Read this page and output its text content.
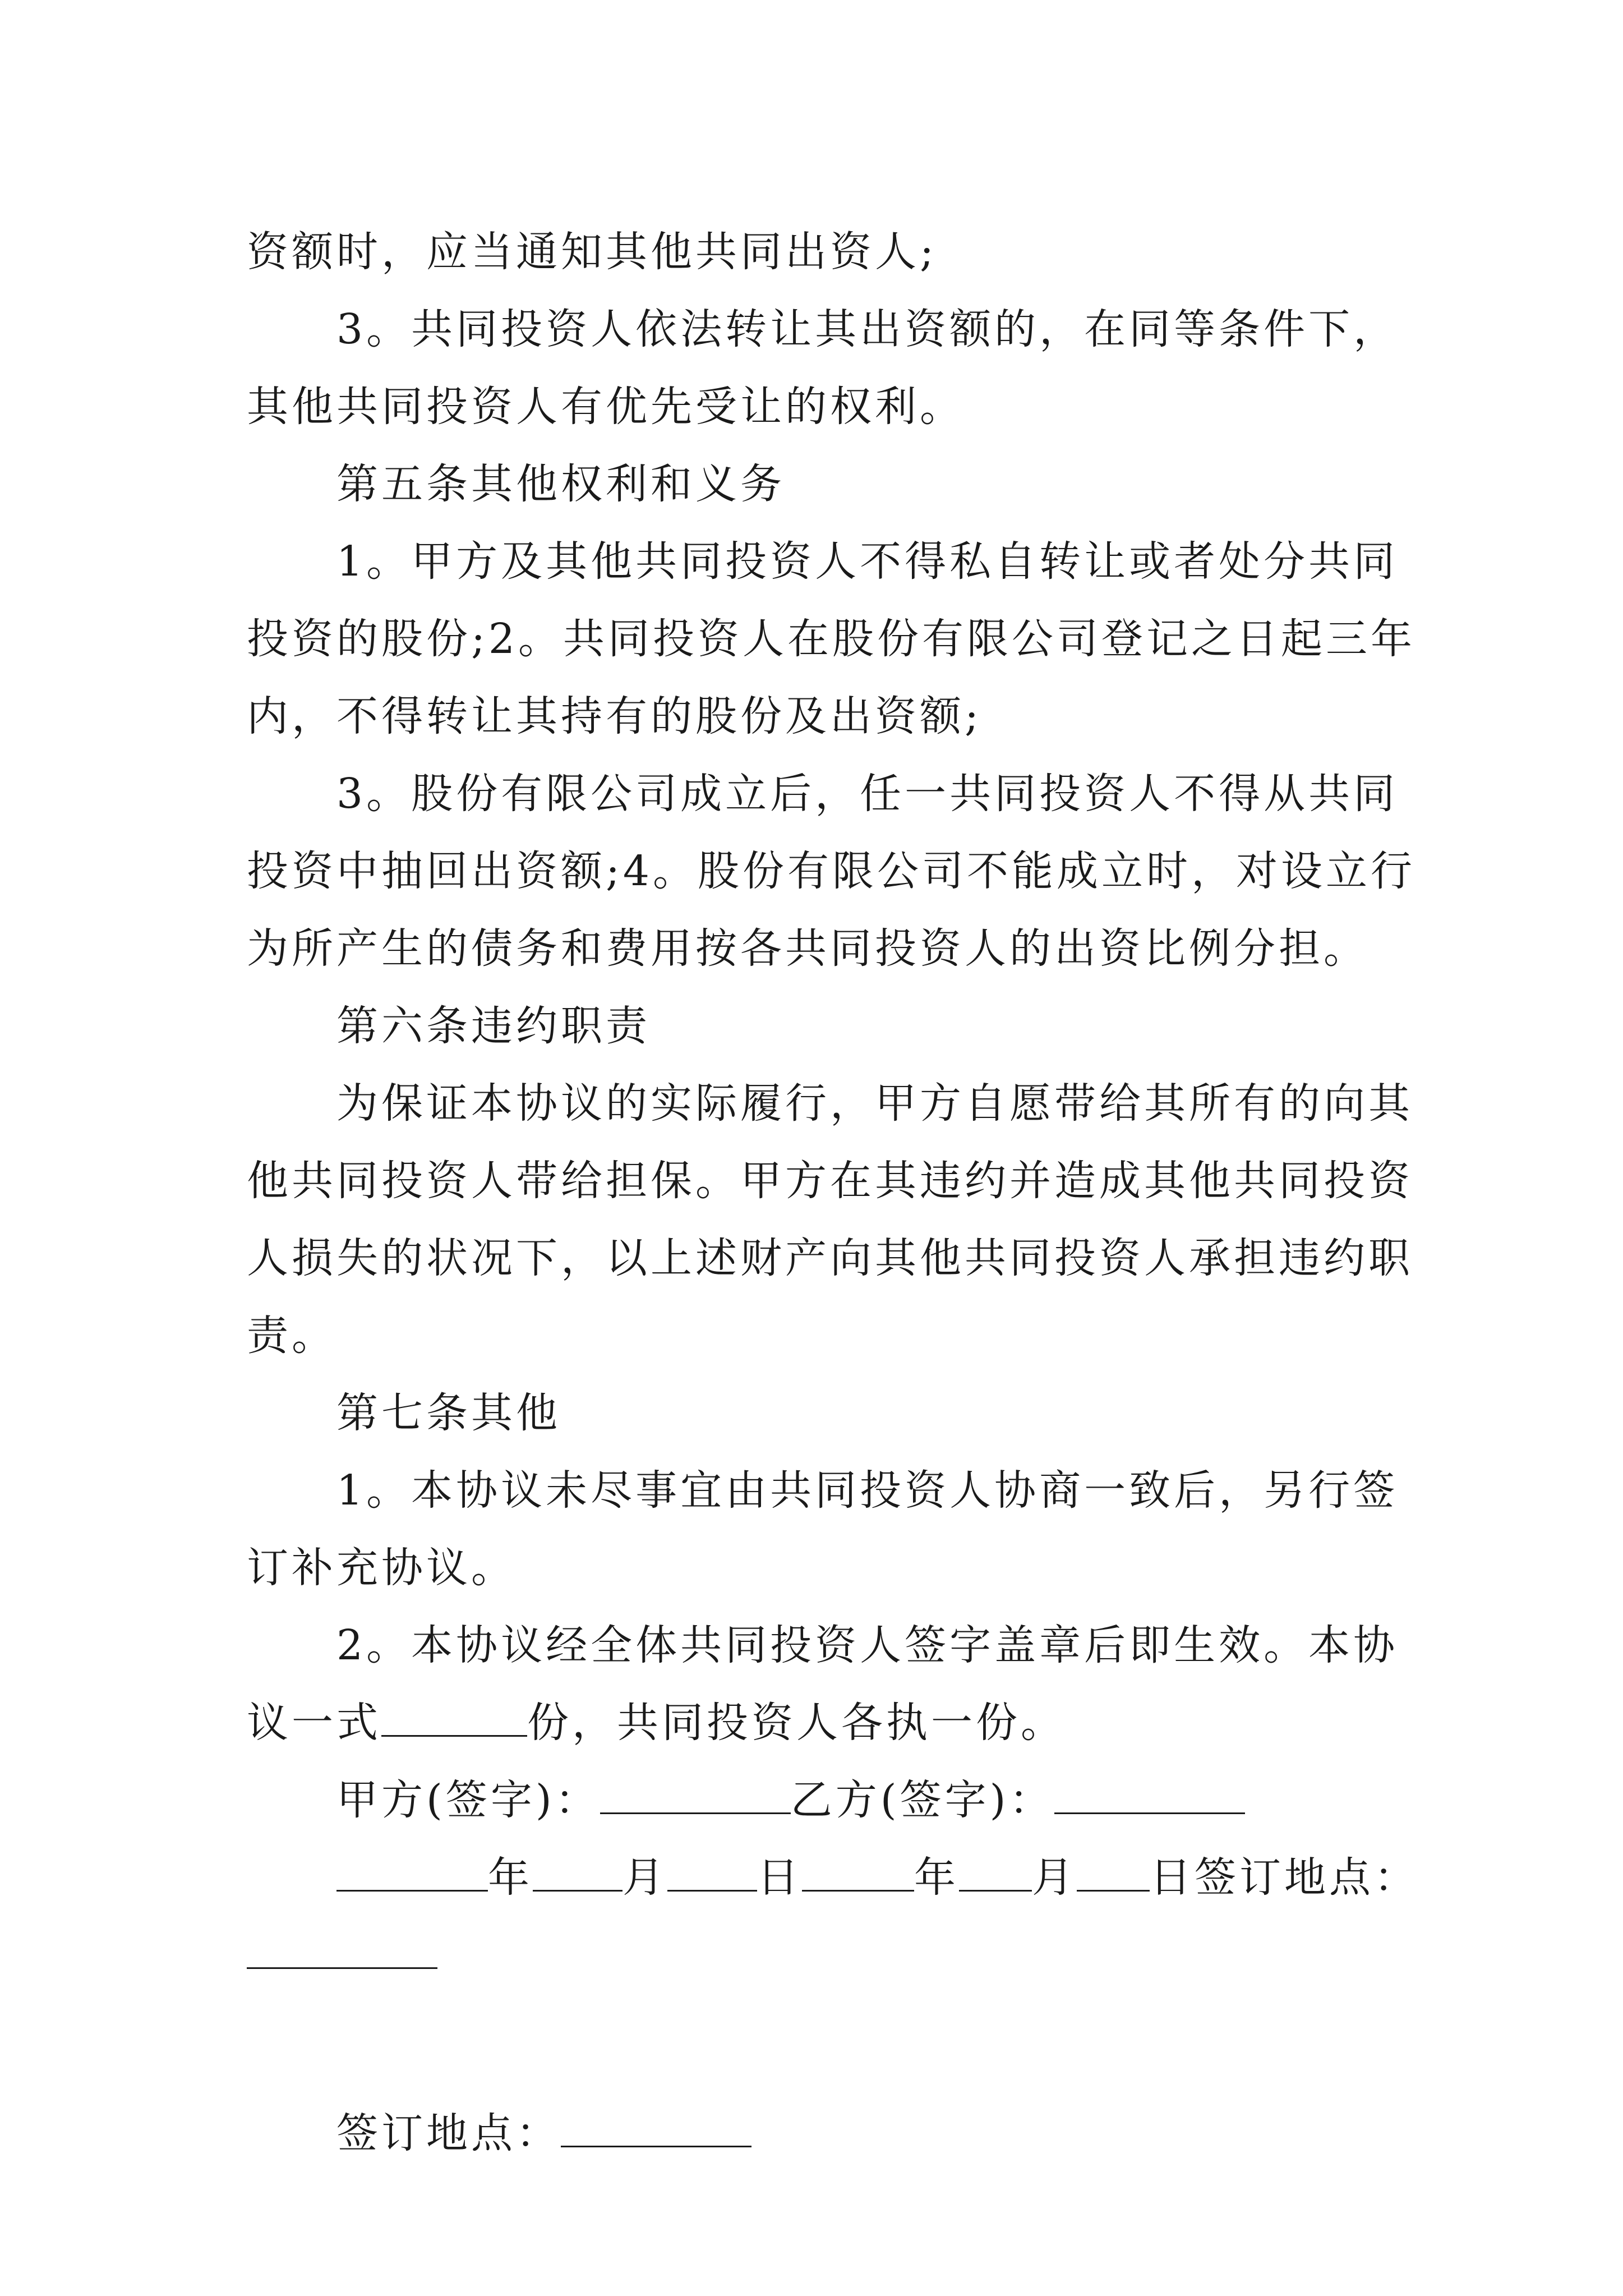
资额时，应当通知其他共同出资人;
3。共同投资人依法转让其出资额的，在同等条件下，
其他共同投资人有优先受让的权利。
第五条其他权利和义务
1。甲方及其他共同投资人不得私自转让或者处分共同
投资的股份;2。共同投资人在股份有限公司登记之日起三年
内，不得转让其持有的股份及出资额;
3。股份有限公司成立后，任一共同投资人不得从共同
投资中抽回出资额;4。股份有限公司不能成立时，对设立行
为所产生的债务和费用按各共同投资人的出资比例分担。
第六条违约职责
为保证本协议的实际履行，甲方自愿带给其所有的向其
他共同投资人带给担保。甲方在其违约并造成其他共同投资
人损失的状况下，以上述财产向其他共同投资人承担违约职
责。
第七条其他
1。本协议未尽事宜由共同投资人协商一致后，另行签
订补充协议。
2。本协议经全体共同投资人签字盖章后即生效。本协
议一式	份，共同投资人各执一份。
甲方(签字)：	乙方(签字)：
年 月 日	年 月 日签订地点：
签订地点：
